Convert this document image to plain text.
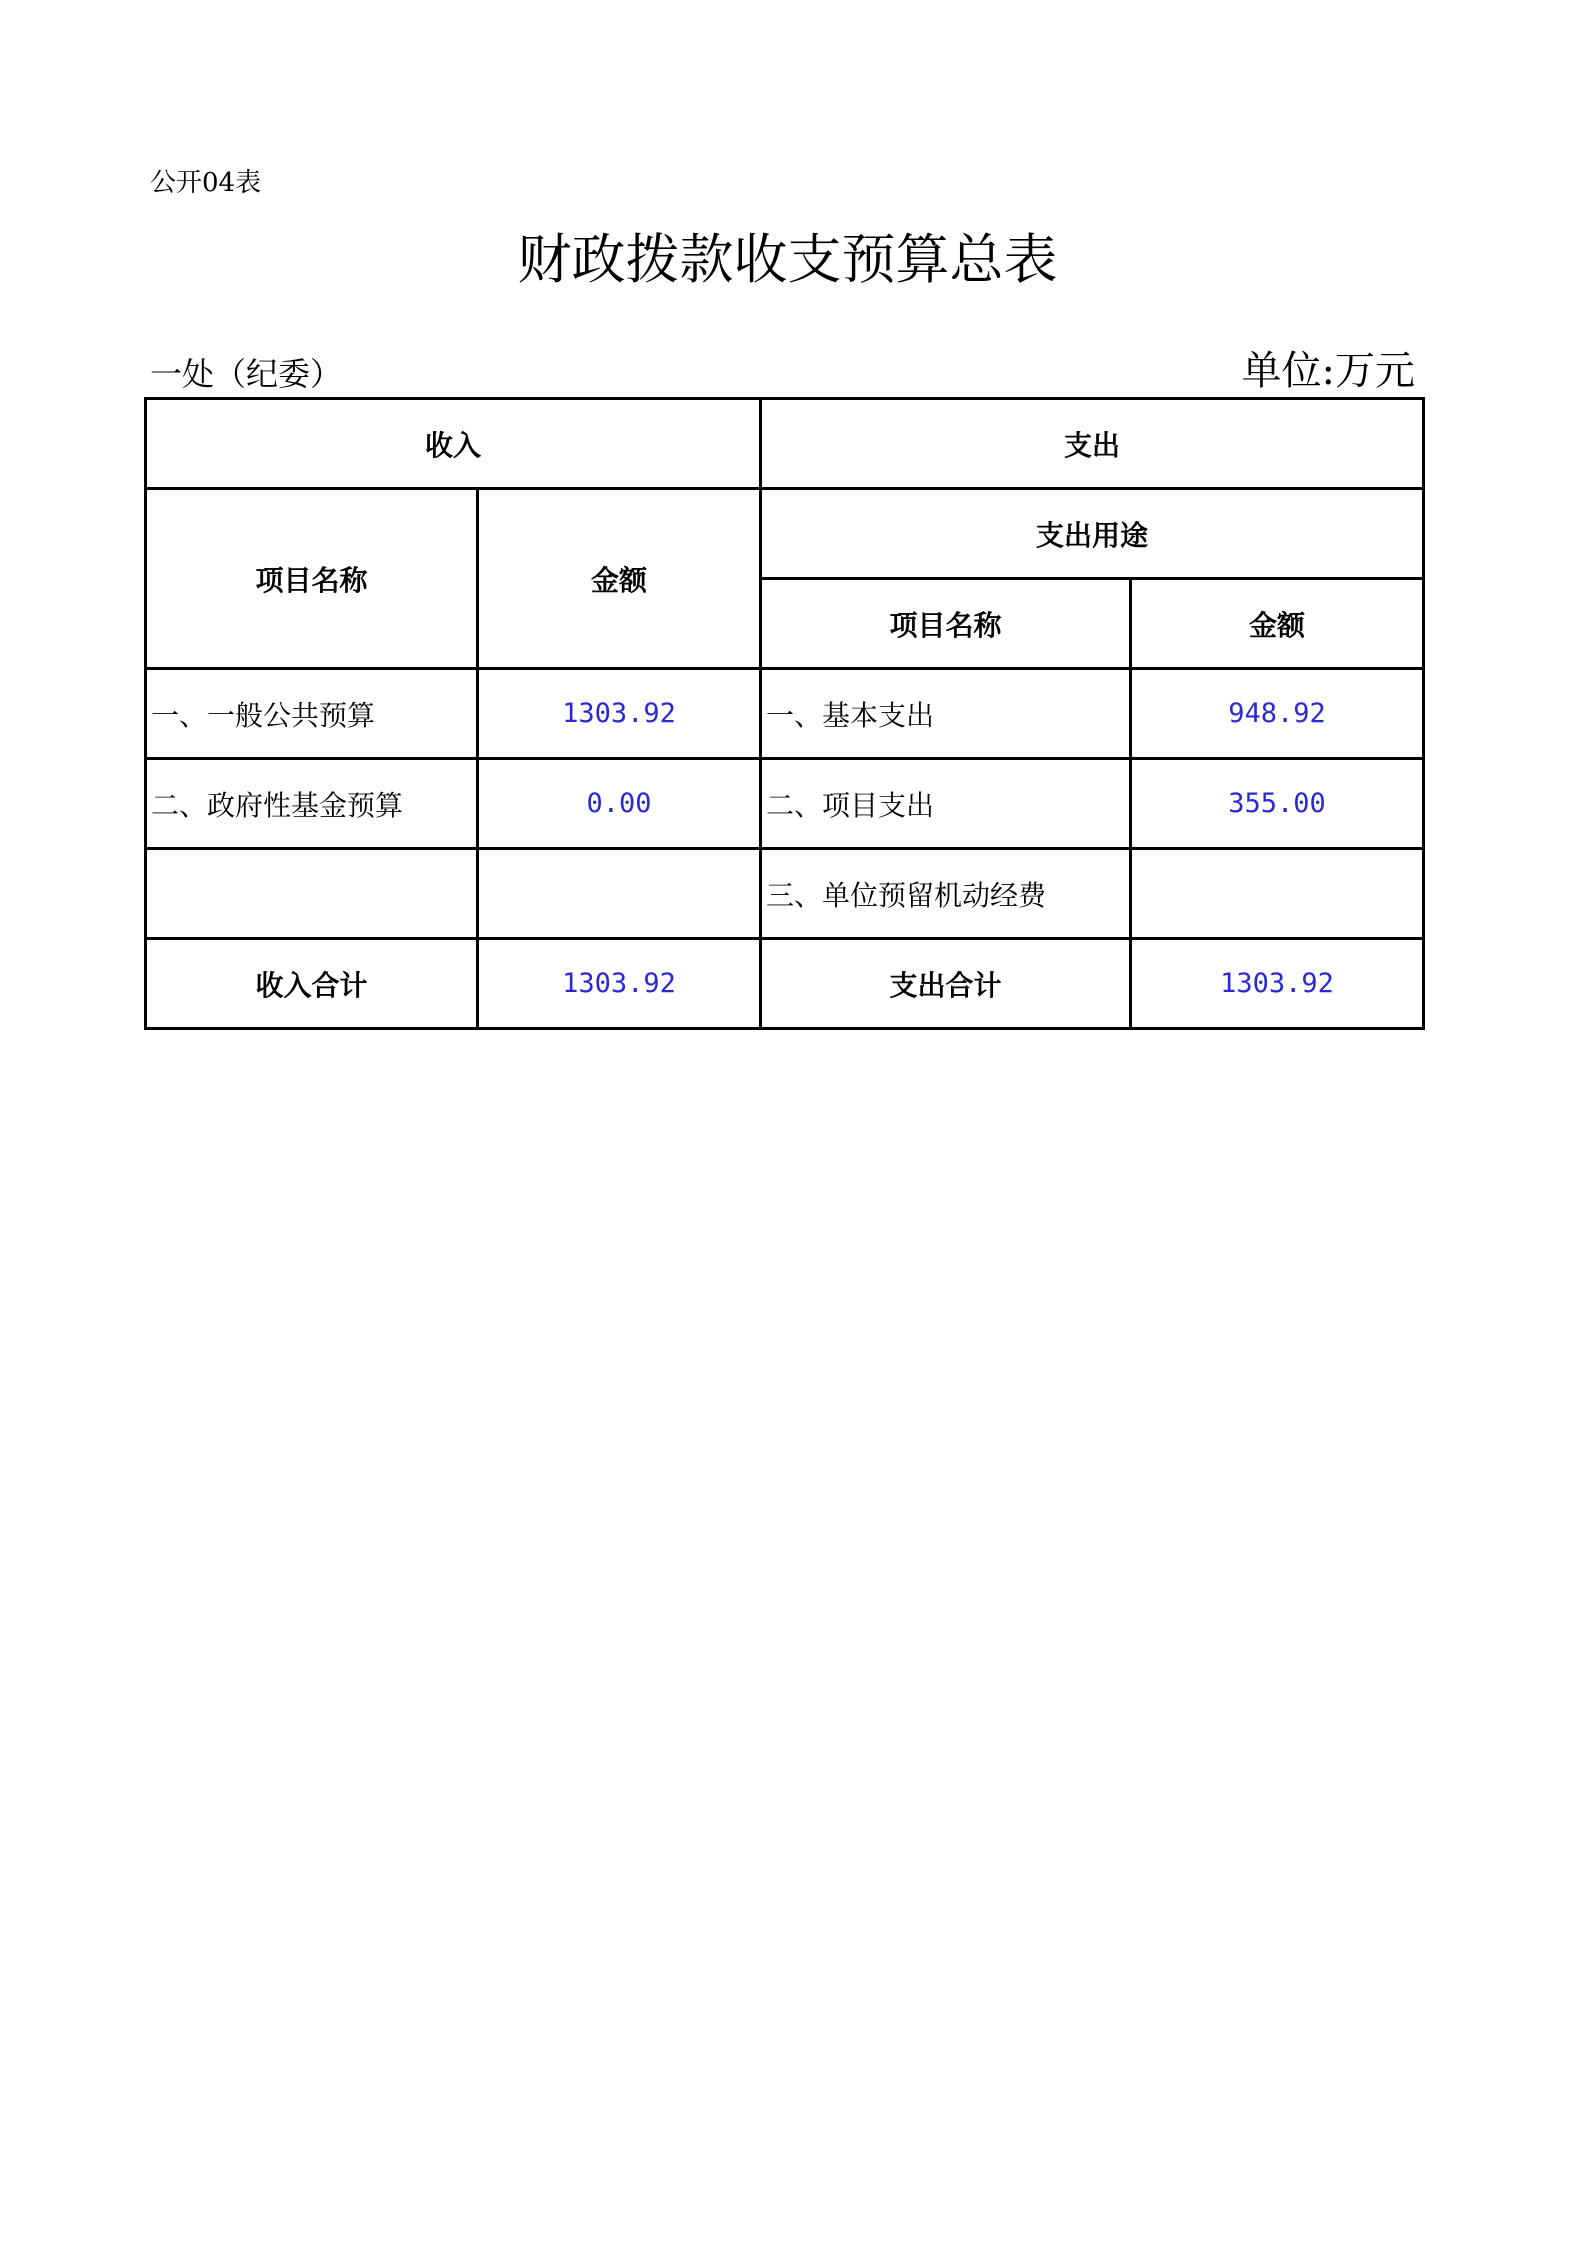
公开04表
财政拨款收支预算总表
一处（纪委）	单位:万元
收入		支出	
项目名称	金额	支出用途	
		项目名称	金额
一、一般公共预算	1303.92	一、基本支出	948.92
二、政府性基金预算	0.00	二、项目支出	355.00
		三、单位预留机动经费	
收入合计	1303.92	支出合计	1303.92
